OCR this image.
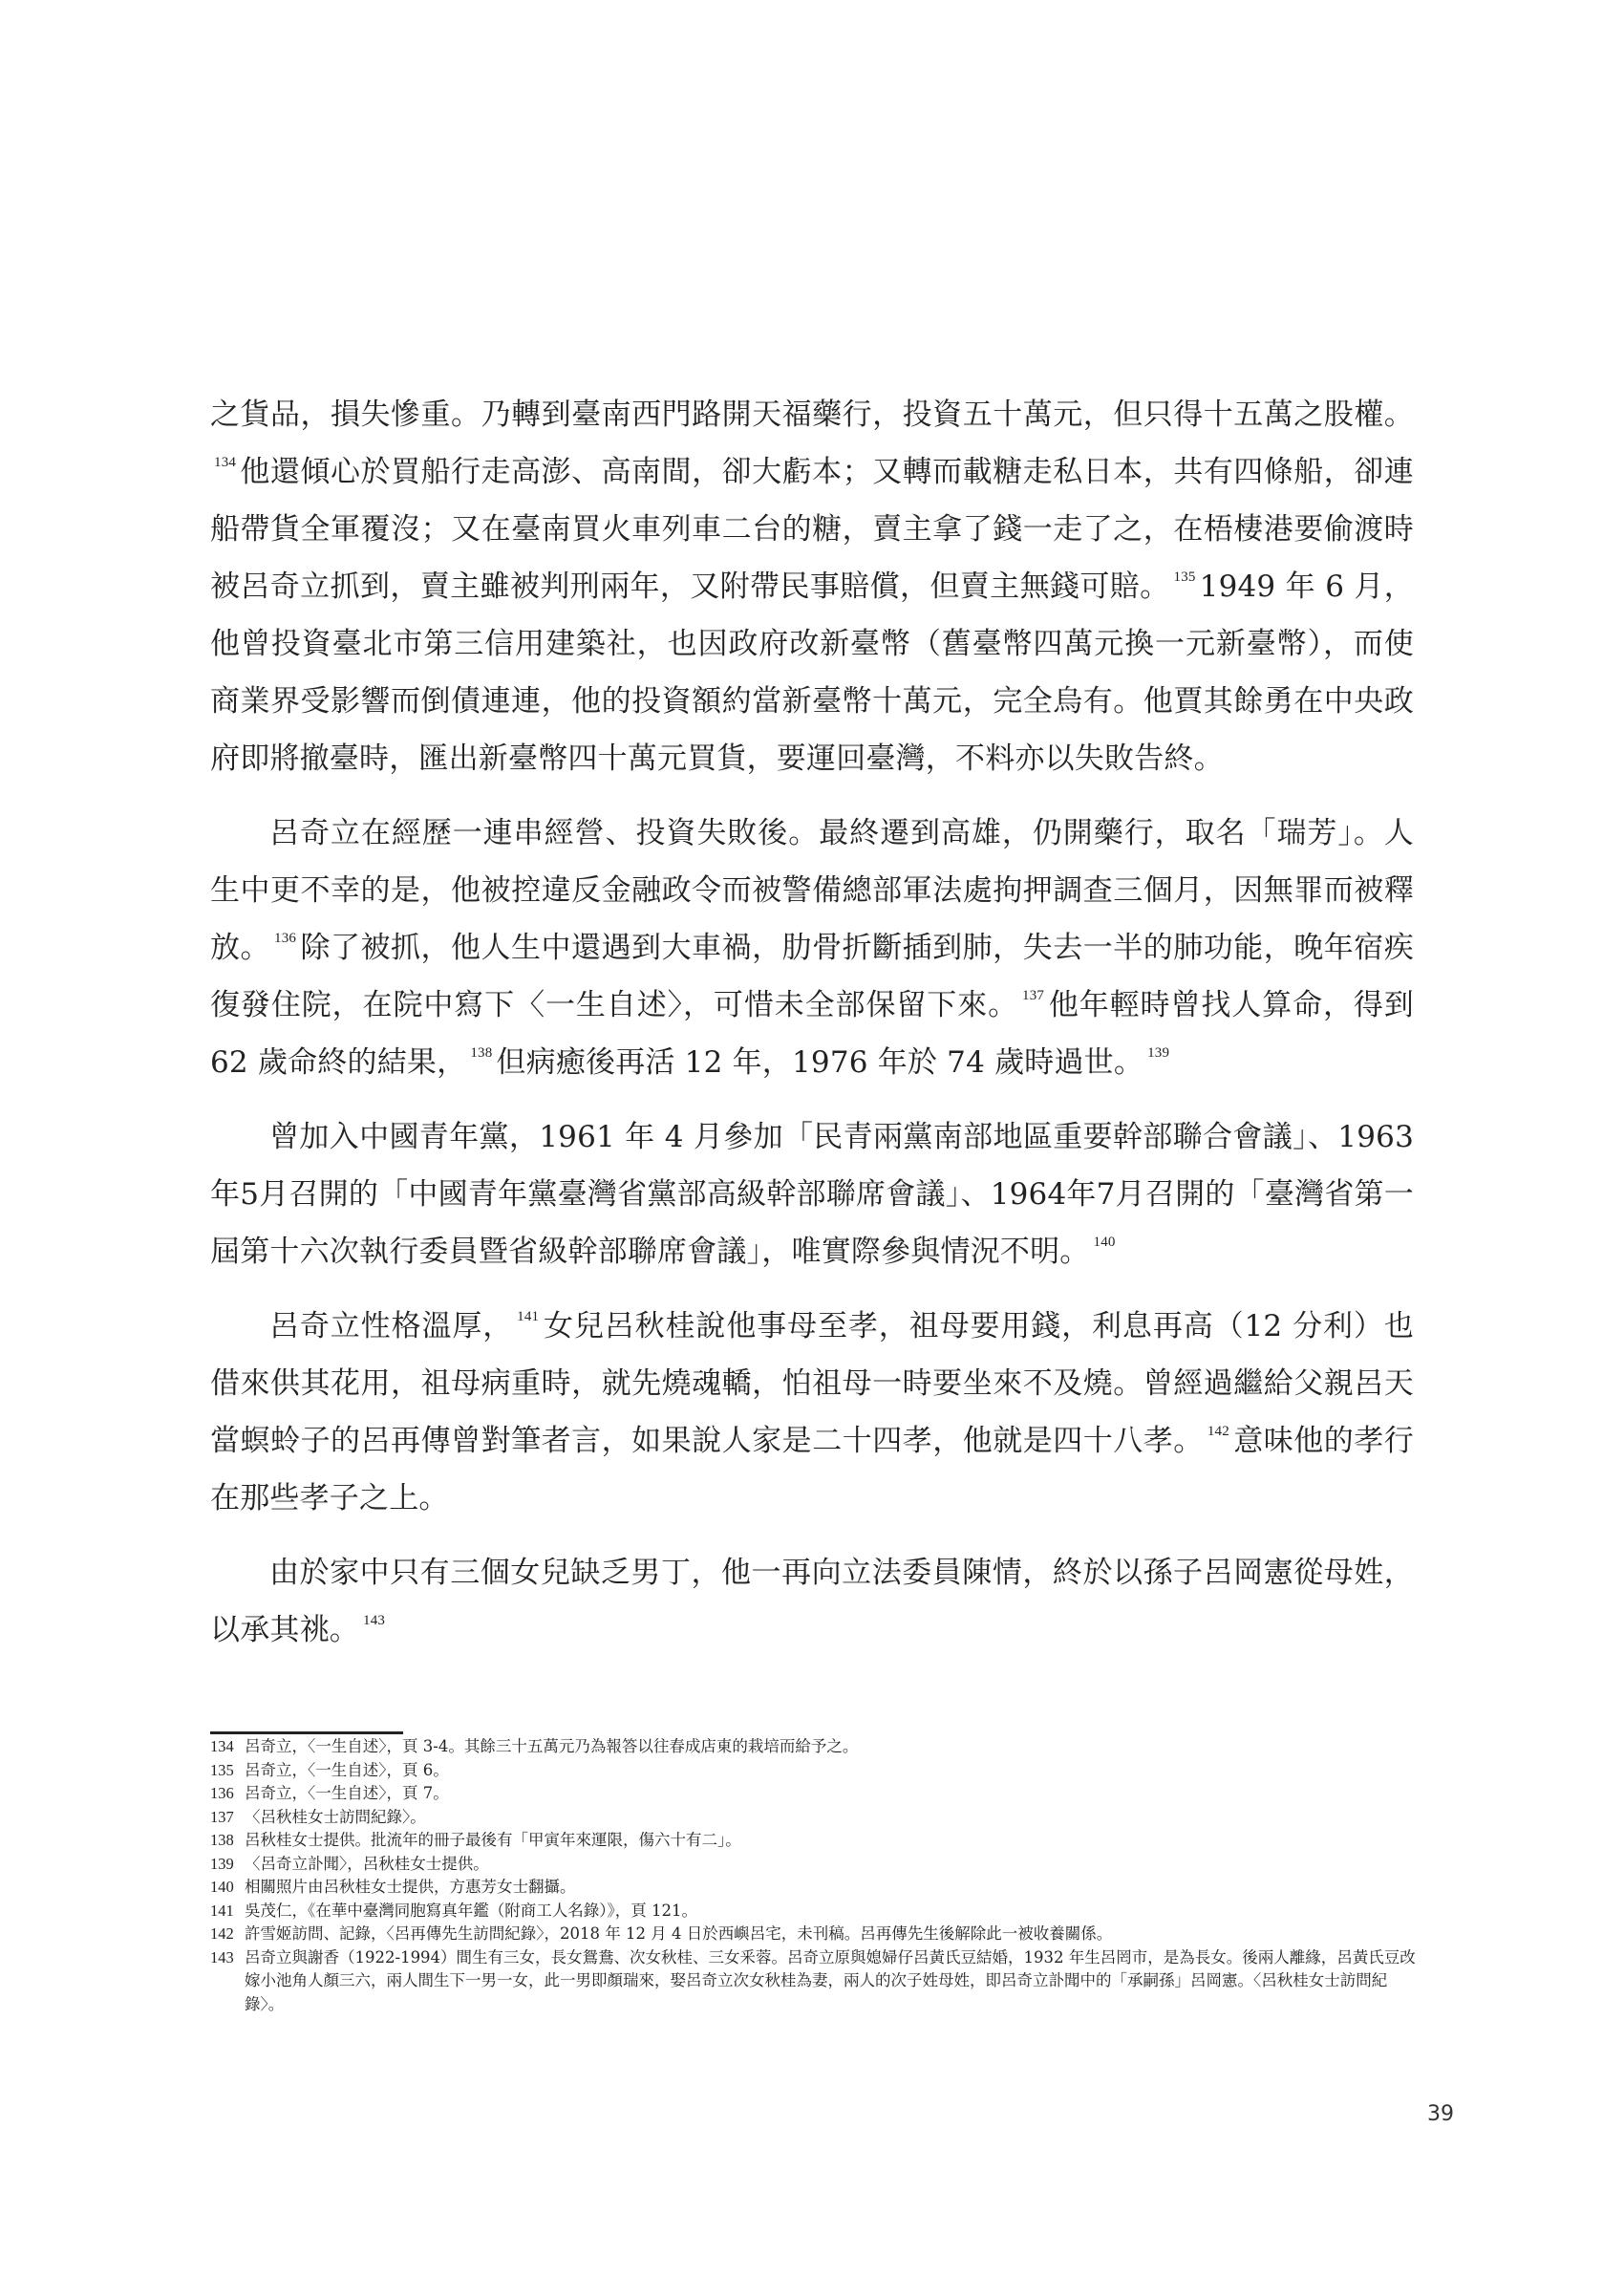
之貨品，損失慘重。乃轉到臺南西門路開天福藥行，投資五十萬元，但只得十五萬之股權。$^{134}$ 他還傾心於買船行走高澎、高南間，卻大虧本；又轉而載糖走私日本，共有四條船，卻連船帶貨全軍覆沒；又在臺南買火車列車二台的糖，賣主拿了錢一走了之，在梧棲港要偷渡時被呂奇立抓到，賣主雖被判刑兩年，又附帶民事賠償，但賣主無錢可賠。 $^{135}$ 1949 年 6 月，他曾投資臺北市第三信用建築社，也因政府改新臺幣（舊臺幣四萬元換一元新臺幣），而使商業界受影響而倒債連連，他的投資額約當新臺幣十萬元，完全烏有。他賈其餘勇在中央政府即將撤臺時，匯出新臺幣四十萬元買貨，要運回臺灣，不料亦以失敗告終。

呂奇立在經歷一連串經營、投資失敗後。最終遷到高雄，仍開藥行，取名「瑞芳」。人生中更不幸的是，他被控違反金融政令而被警備總部軍法處拘押調查三個月，因無罪而被釋放。 $^{136}$ 除了被抓，他人生中還遇到大車禍，肋骨折斷插到肺，失去一半的肺功能，晚年宿疾復發住院，在院中寫下〈一生自述〉，可惜未全部保留下來。 $^{137}$ 他年輕時曾找人算命，得到 62 歲命終的結果， $^{138}$ 但病癒後再活 12 年，1976 年於 74 歲時過世。 $^{139}$

曾加入中國青年黨，1961 年 4 月參加「民青兩黨南部地區重要幹部聯合會議」、1963年5月召開的「中國青年黨臺灣省黨部高級幹部聯席會議」、1964年7月召開的「臺灣省第一屆第十六次執行委員暨省級幹部聯席會議」，唯實際參與情況不明。 $^{140}$

呂奇立性格溫厚， $^{141}$ 女兒呂秋桂說他事母至孝，祖母要用錢，利息再高（12 分利）也借來供其花用，祖母病重時，就先燒魂轎，怕祖母一時要坐來不及燒。曾經過繼給父親呂天當螟蛉子的呂再傳曾對筆者言，如果說人家是二十四孝，他就是四十八孝。 $^{142}$ 意味他的孝行在那些孝子之上。

由於家中只有三個女兒缺乏男丁，他一再向立法委員陳情，終於以孫子呂岡憲從母姓，以承其祧。 $^{143}$

134 呂奇立，〈一生自述〉，頁 3-4。其餘三十五萬元乃為報答以往春成店東的栽培而給予之。
135 呂奇立，〈一生自述〉，頁 6。
136 呂奇立，〈一生自述〉，頁 7。
137 〈呂秋桂女士訪問紀錄〉。
138 呂秋桂女士提供。批流年的冊子最後有「甲寅年來運限，傷六十有二」。
139 〈呂奇立訃聞〉，呂秋桂女士提供。
140 相關照片由呂秋桂女士提供，方惠芳女士翻攝。
141 吳茂仁，《在華中臺灣同胞寫真年鑑（附商工人名錄）》，頁 121。
142 許雪姬訪問、記錄，〈呂再傳先生訪問紀錄〉，2018 年 12 月 4 日於西嶼呂宅，未刊稿。呂再傳先生後解除此一被收養關係。
143 呂奇立與謝香（1922-1994）間生有三女，長女鴛鴦、次女秋桂、三女釆蓉。呂奇立原與媳婦仔呂黃氏豆結婚，1932 年生呂罔市，是為長女。後兩人離緣，呂黃氏豆改嫁小池角人顏三六，兩人間生下一男一女，此一男即顏瑞來，娶呂奇立次女秋桂為妻，兩人的次子姓母姓，即呂奇立訃聞中的「承嗣孫」呂岡憲。〈呂秋桂女士訪問紀錄〉。
39
